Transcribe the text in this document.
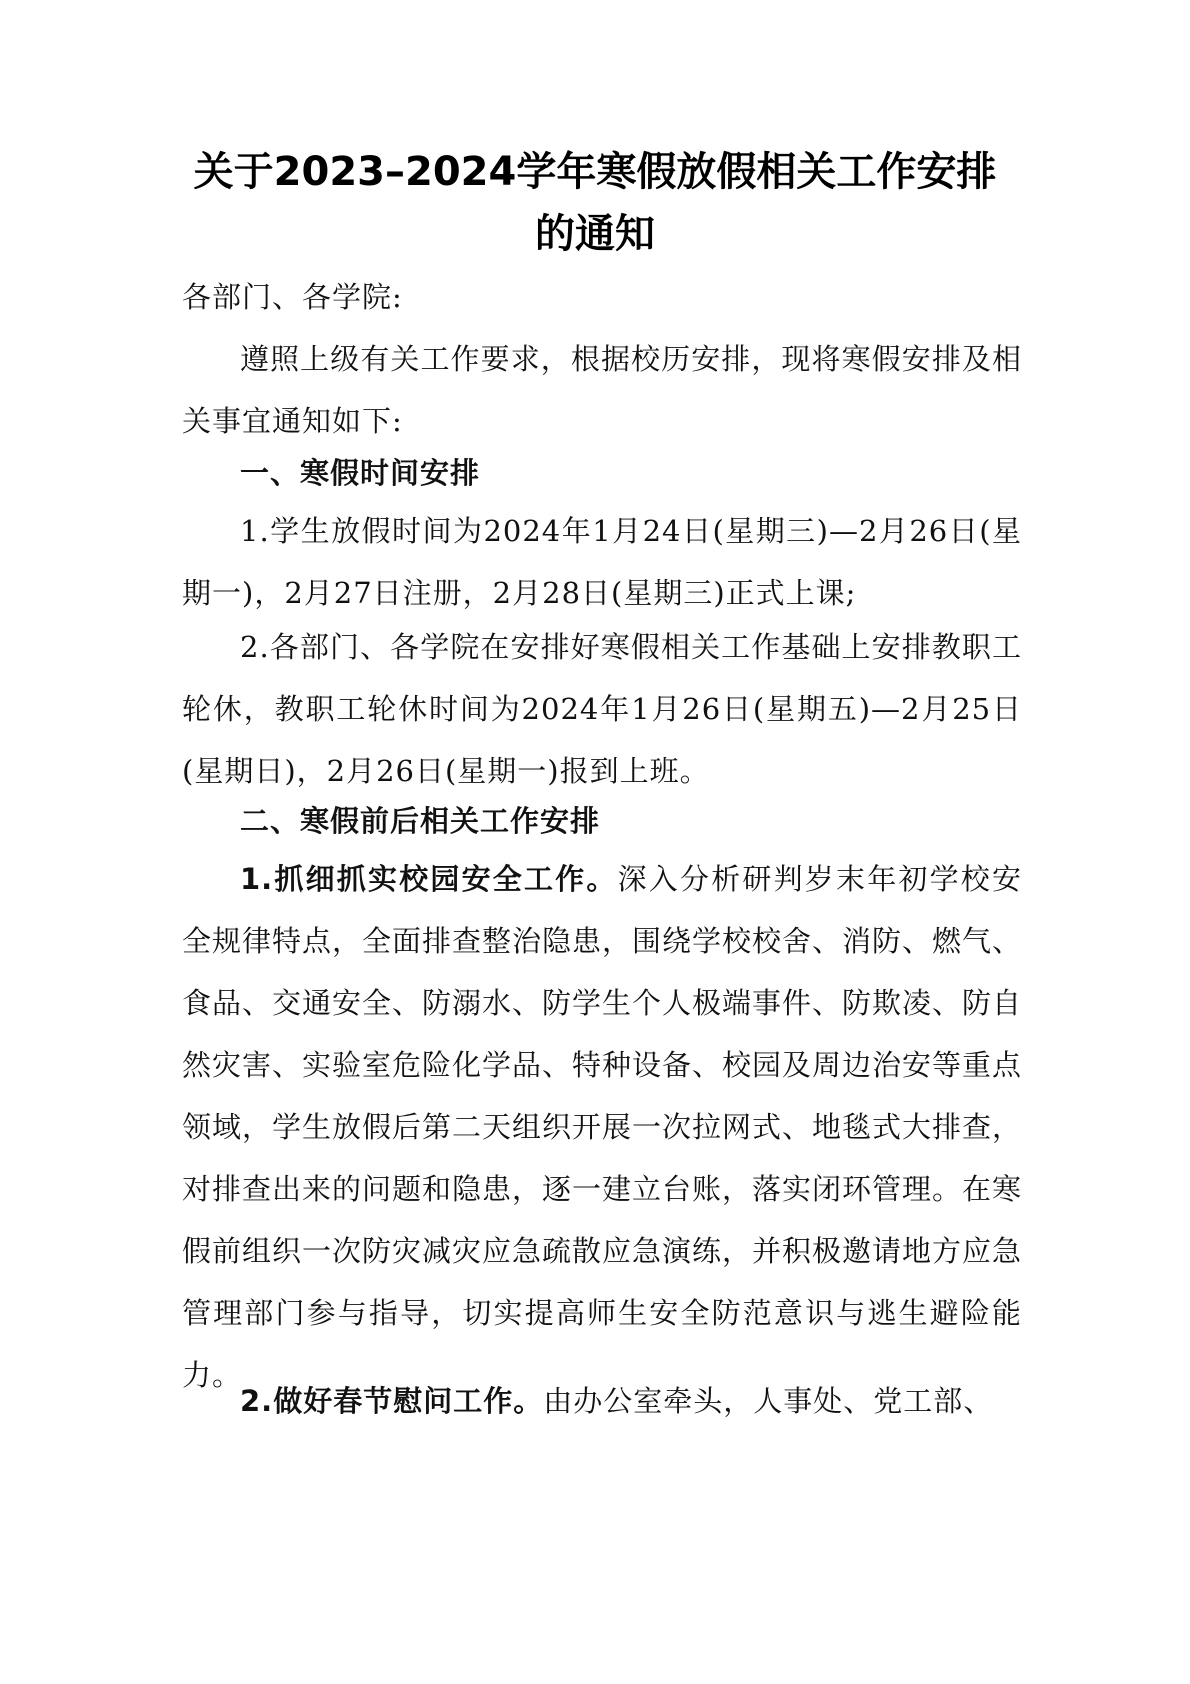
关于2023–2024学年寒假放假相关工作安排
的通知
各部门、各学院:
遵照上级有关工作要求，根据校历安排，现将寒假安排及相关事宜通知如下:
一、寒假时间安排
1.学生放假时间为2024年1月24日(星期三)—2月26日(星期一)，2月27日注册，2月28日(星期三)正式上课;
2.各部门、各学院在安排好寒假相关工作基础上安排教职工轮休，教职工轮休时间为2024年1月26日(星期五)—2月25日(星期日)，2月26日(星期一)报到上班。
二、寒假前后相关工作安排
1.抓细抓实校园安全工作。深入分析研判岁末年初学校安全规律特点，全面排查整治隐患，围绕学校校舍、消防、燃气、食品、交通安全、防溺水、防学生个人极端事件、防欺凌、防自然灾害、实验室危险化学品、特种设备、校园及周边治安等重点领域，学生放假后第二天组织开展一次拉网式、地毯式大排查，对排查出来的问题和隐患，逐一建立台账，落实闭环管理。在寒假前组织一次防灾减灾应急疏散应急演练，并积极邀请地方应急管理部门参与指导，切实提高师生安全防范意识与逃生避险能力。
2.做好春节慰问工作。由办公室牵头，人事处、党工部、
